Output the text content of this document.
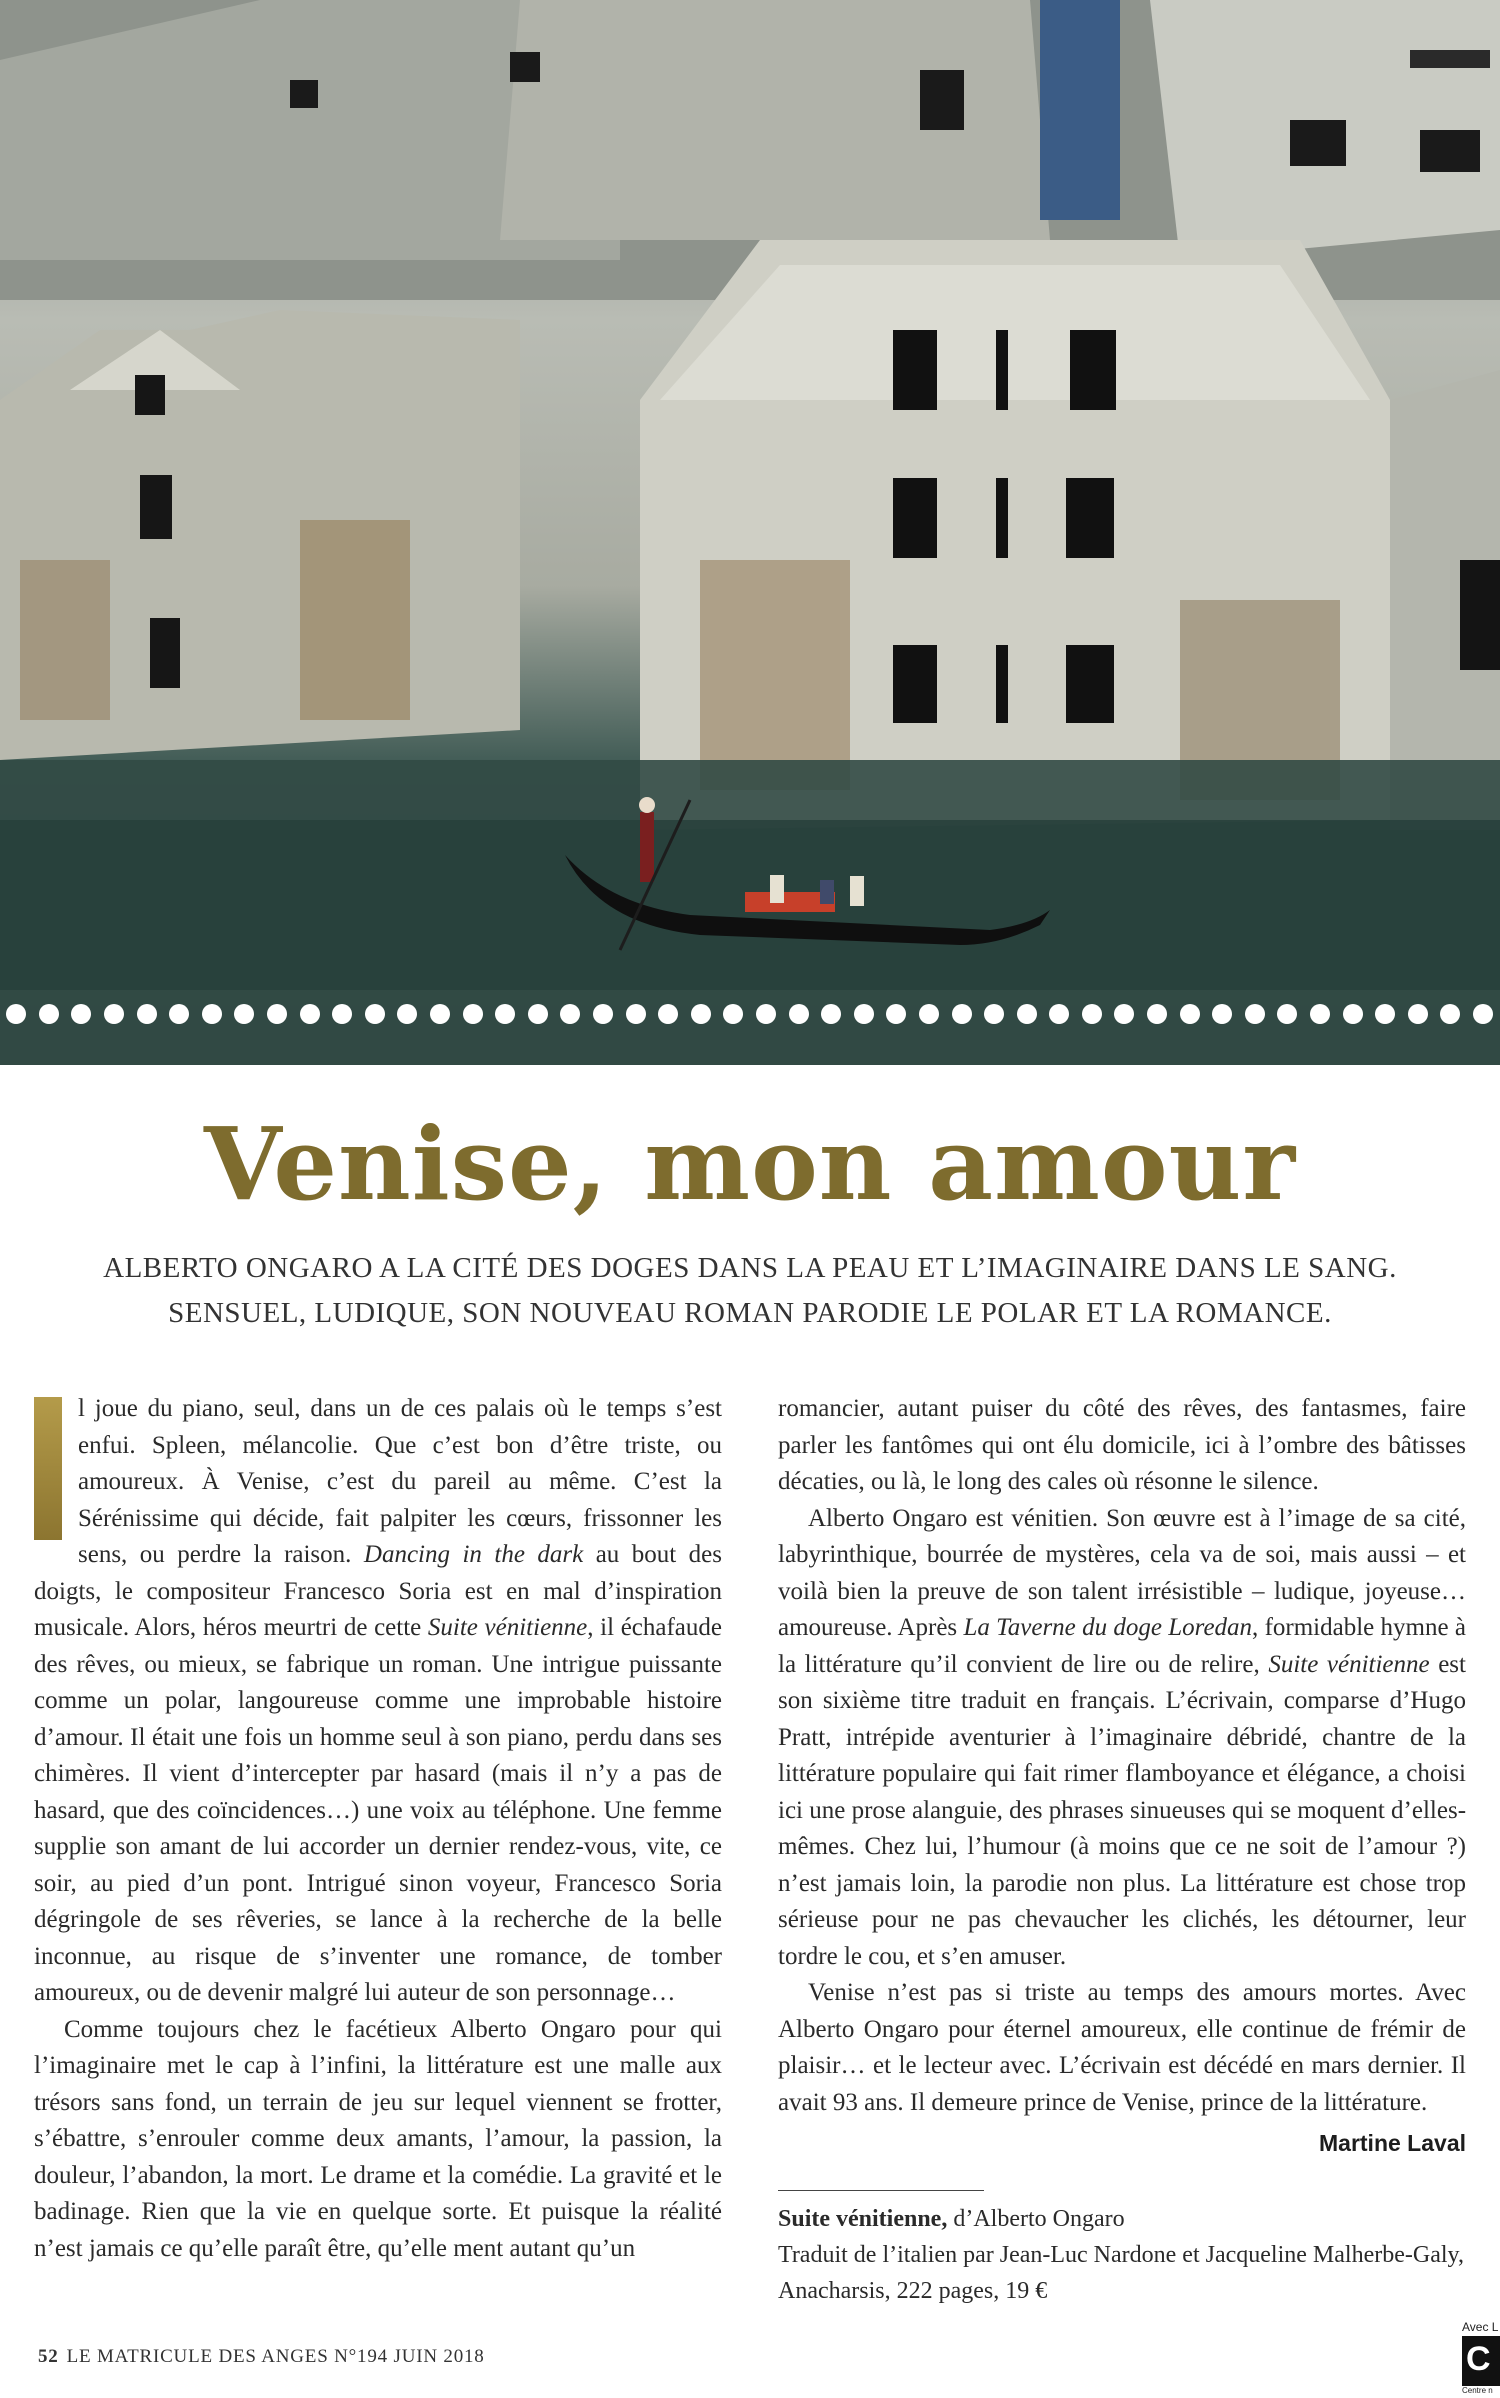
Venise, mon amour
ALBERTO ONGARO A LA CITÉ DES DOGES DANS LA PEAU ET L’IMAGINAIRE DANS LE SANG.
SENSUEL, LUDIQUE, SON NOUVEAU ROMAN PARODIE LE POLAR ET LA ROMANCE.

l joue du piano, seul, dans un de ces palais où le temps s’est enfui. Spleen, mélancolie. Que c’est bon d’être triste, ou amoureux. À Venise, c’est du pareil au même. C’est la Sérénissime qui décide, fait palpiter les cœurs, frissonner les sens, ou perdre la raison. Dancing in the dark au bout des doigts, le compositeur Francesco Soria est en mal d’inspiration musicale. Alors, héros meurtri de cette Suite vénitienne, il échafaude des rêves, ou mieux, se fabrique un roman. Une intrigue puissante comme un polar, langoureuse comme une improbable histoire d’amour. Il était une fois un homme seul à son piano, perdu dans ses chimères. Il vient d’intercepter par hasard (mais il n’y a pas de hasard, que des coïncidences…) une voix au téléphone. Une femme supplie son amant de lui accorder un dernier rendez-vous, vite, ce soir, au pied d’un pont. Intrigué sinon voyeur, Francesco Soria dégringole de ses rêveries, se lance à la recherche de la belle inconnue, au risque de s’inventer une romance, de tomber amoureux, ou de devenir malgré lui auteur de son personnage…

Comme toujours chez le facétieux Alberto Ongaro pour qui l’imaginaire met le cap à l’infini, la littérature est une malle aux trésors sans fond, un terrain de jeu sur lequel viennent se frotter, s’ébattre, s’enrouler comme deux amants, l’amour, la passion, la douleur, l’abandon, la mort. Le drame et la comédie. La gravité et le badinage. Rien que la vie en quelque sorte. Et puisque la réalité n’est jamais ce qu’elle paraît être, qu’elle ment autant qu’un

romancier, autant puiser du côté des rêves, des fantasmes, faire parler les fantômes qui ont élu domicile, ici à l’ombre des bâtisses décaties, ou là, le long des cales où résonne le silence.

Alberto Ongaro est vénitien. Son œuvre est à l’image de sa cité, labyrinthique, bourrée de mystères, cela va de soi, mais aussi – et voilà bien la preuve de son talent irrésistible – ludique, joyeuse… amoureuse. Après La Taverne du doge Loredan, formidable hymne à la littérature qu’il convient de lire ou de relire, Suite vénitienne est son sixième titre traduit en français. L’écrivain, comparse d’Hugo Pratt, intrépide aventurier à l’imaginaire débridé, chantre de la littérature populaire qui fait rimer flamboyance et élégance, a choisi ici une prose alanguie, des phrases sinueuses qui se moquent d’elles-mêmes. Chez lui, l’humour (à moins que ce ne soit de l’amour ?) n’est jamais loin, la parodie non plus. La littérature est chose trop sérieuse pour ne pas chevaucher les clichés, les détourner, leur tordre le cou, et s’en amuser.

Venise n’est pas si triste au temps des amours mortes. Avec Alberto Ongaro pour éternel amoureux, elle continue de frémir de plaisir… et le lecteur avec. L’écrivain est décédé en mars dernier. Il avait 93 ans. Il demeure prince de Venise, prince de la littérature.

Martine Laval
Suite vénitienne, d’Alberto Ongaro
Traduit de l’italien par Jean-Luc Nardone et Jacqueline Malherbe-Galy, Anacharsis, 222 pages, 19 €
52 LE MATRICULE DES ANGES N°194 JUIN 2018
Avec L
C
Centre n
